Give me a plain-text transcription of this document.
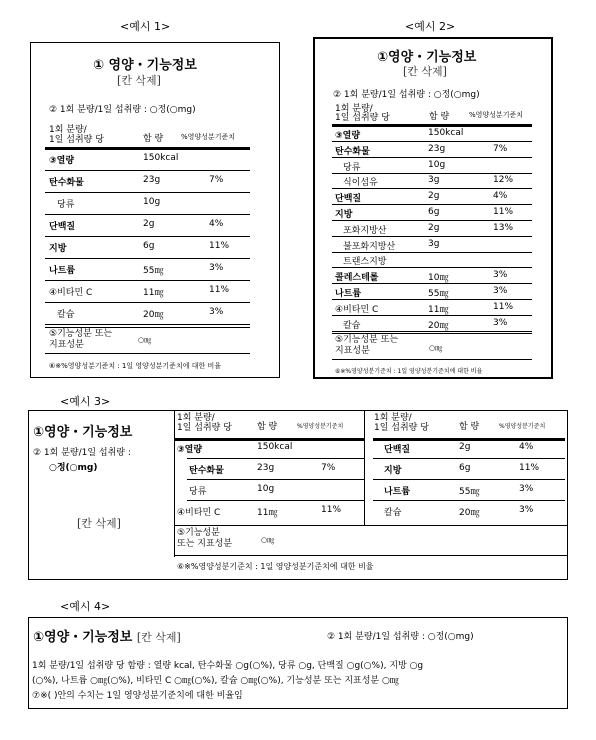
<예시 1>	<예시 2>
<예시 3>
<예시 4>
① 영양・기능정보
[칸 삭제]
② 1회 분량/1일 섭취량 : ○정(○mg)
1회 분량/
1일 섭취량 당	함 량	%영양성분기준치
⑤기능성분 또는
지표성분	○㎎
⑥※%영양성분기준치 : 1일 영양성분기준치에 대한 비율
③열량	150kcal
탄수화물	23g	7%
당류	10g
단백질	2g	4%
지방	6g	11%
나트륨	55㎎	3%
④비타민 C	11㎎	11%
칼슘	20㎎	3%
①영양・기능정보
[칸 삭제]
② 1회 분량/1일 섭취량 : ○정(○mg)
1회 분량/
1일 섭취량 당	함 량	%영양성분기준치
⑤기능성분 또는
지표성분	○㎎
⑥※%영양성분기준치 : 1일 영양성분기준치에 대한 비율
③열량	150kcal
탄수화물	23g	7%
당류	10g
식이섬유	3g	12%
단백질	2g	4%
지방	6g	11%
포화지방산	2g	13%
불포화지방산	3g
트랜스지방
콜레스테롤	10㎎	3%
나트륨	55㎎	3%
④비타민 C	11㎎	11%
칼슘	20㎎	3%
①영양・기능정보
② 1회 분량/1일 섭취량 :
○정(○mg)
[칸 삭제]
1회 분량/
1일 섭취량 당	함 량	%영양성분기준치
1회 분량/
1일 섭취량 당	함 량	%영양성분기준치
⑤기능성분
또는 지표성분	○㎎
⑥※%영양성분기준치 : 1일 영양성분기준치에 대한 비율
③열량	150kcal
탄수화물	23g	7%
당류	10g
④비타민 C	11㎎	11%
단백질	2g	4%
지방	6g	11%
나트륨	55㎎	3%
칼슘	20㎎	3%
①영양・기능정보 [칸 삭제]	② 1회 분량/1일 섭취량 : ○정(○mg)
1회 분량/1일 섭취량 당 함량 : 열량 kcal, 탄수화물 ○g(○%), 당류 ○g, 단백질 ○g(○%), 지방 ○g
(○%), 나트륨 ○㎎(○%), 비타민 C ○㎎(○%), 칼슘 ○㎎(○%), 기능성분 또는 지표성분 ○㎎
⑦※( )안의 수치는 1일 영양성분기준치에 대한 비율임
